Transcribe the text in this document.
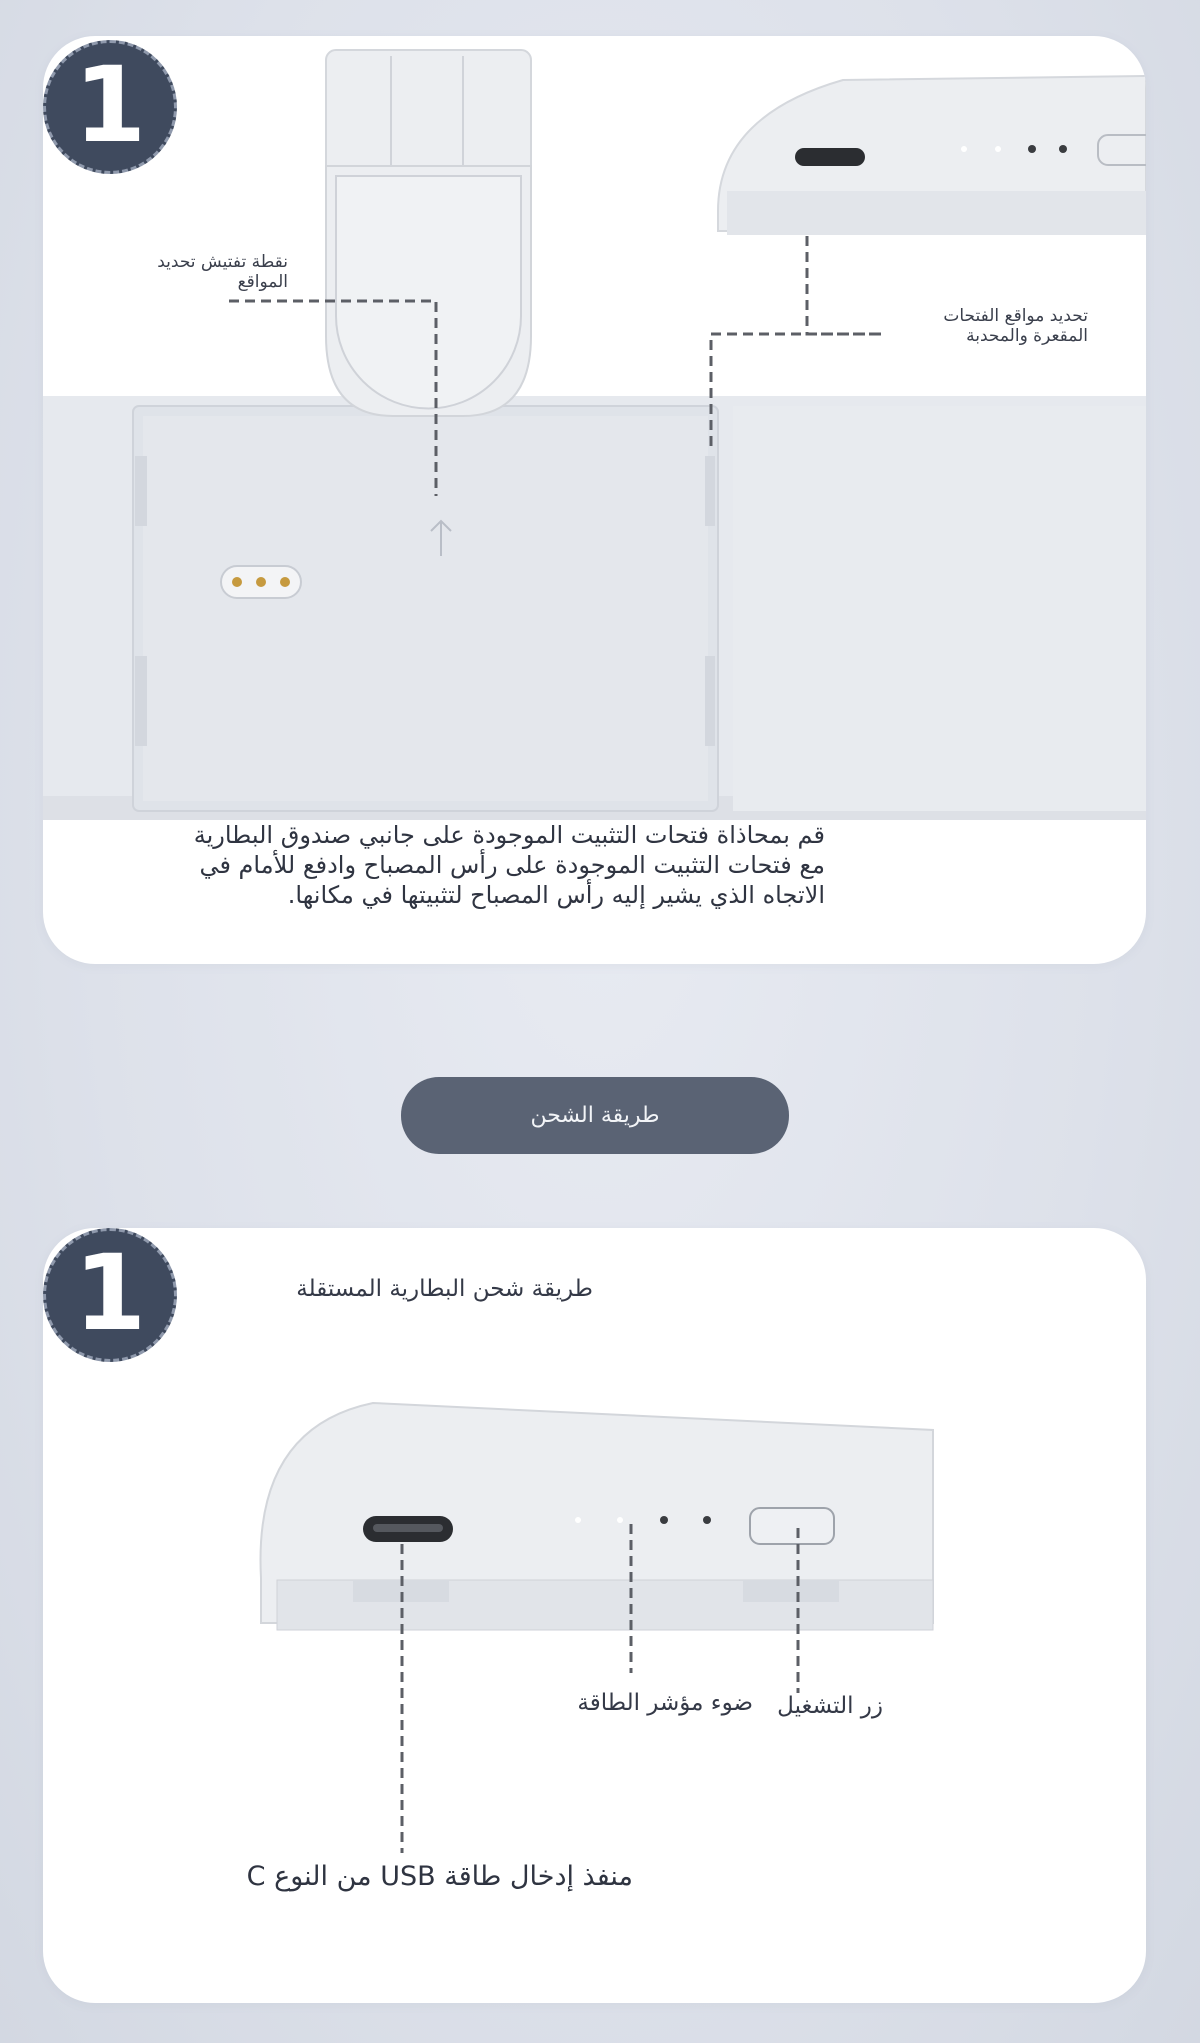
نقطة تفتيش تحديد المواقع
تحديد مواقع الفتحات المقعرة والمحدبة
قم بمحاذاة فتحات التثبيت الموجودة على جانبي صندوق البطارية
مع فتحات التثبيت الموجودة على رأس المصباح وادفع للأمام في
الاتجاه الذي يشير إليه رأس المصباح لتثبيتها في مكانها.
1
طريقة الشحن
طريقة شحن البطارية المستقلة
ضوء مؤشر الطاقة	زر التشغيل
منفذ إدخال طاقة USB من النوع C
1
